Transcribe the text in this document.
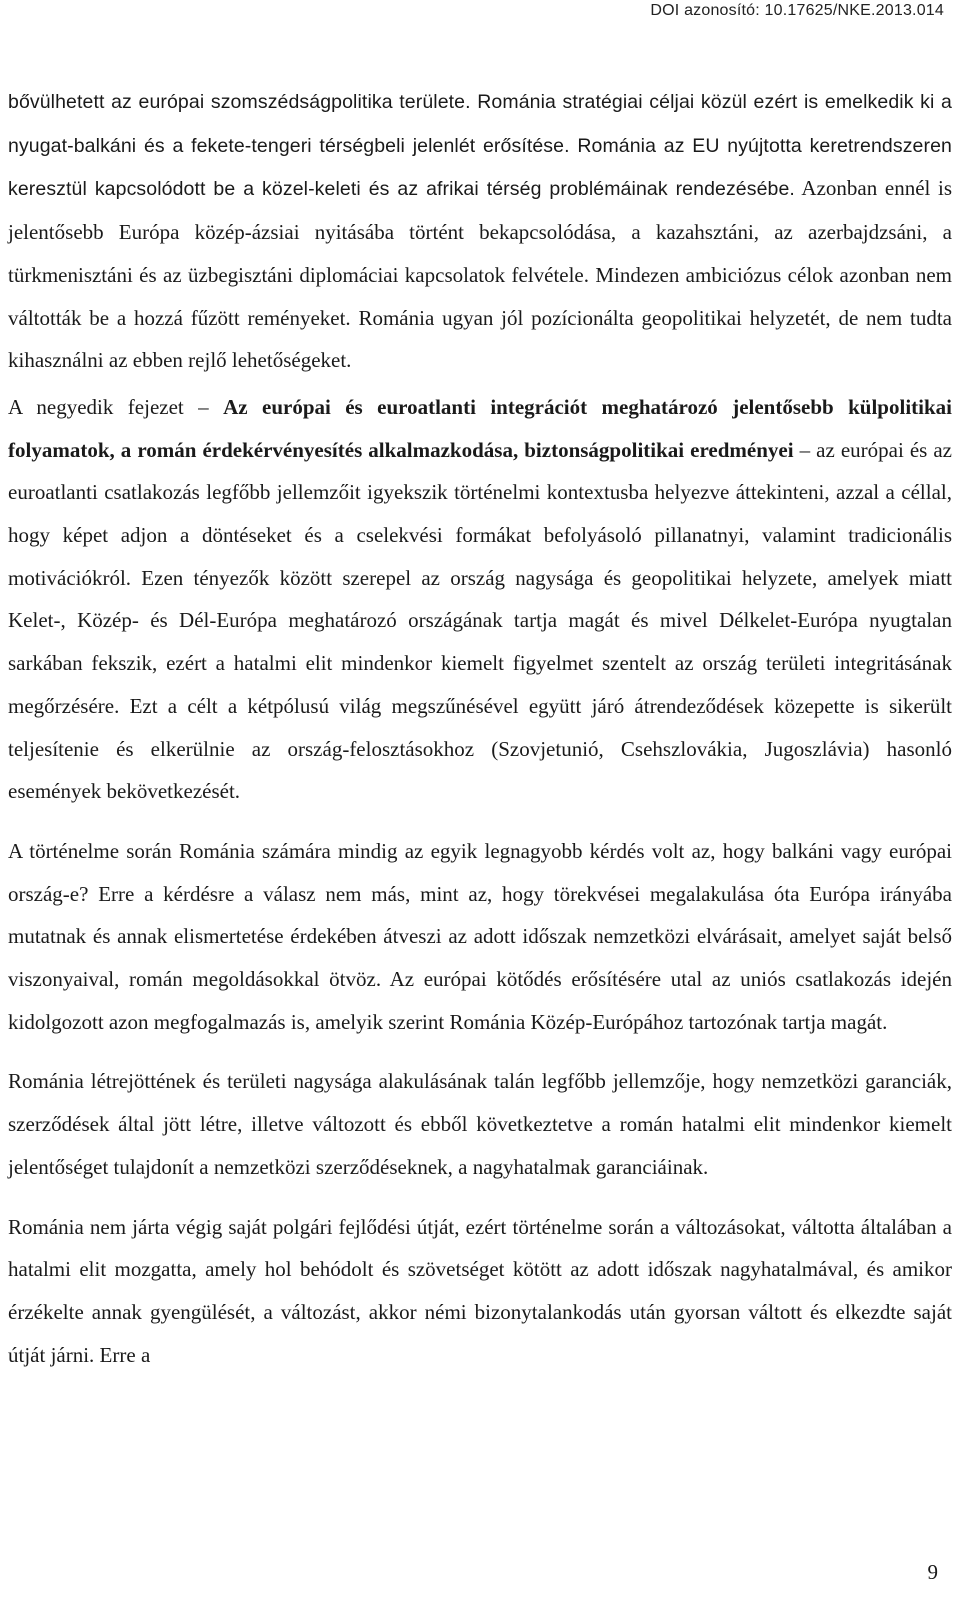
DOI azonosító: 10.17625/NKE.2013.014

bővülhetett az európai szomszédságpolitika területe. Románia stratégiai céljai közül ezért is emelkedik ki a nyugat-balkáni és a fekete-tengeri térségbeli jelenlét erősítése. Románia az EU nyújtotta keretrendszeren keresztül kapcsolódott be a közel-keleti és az afrikai térség problémáinak rendezésébe. Azonban ennél is jelentősebb Európa közép-ázsiai nyitásába történt bekapcsolódása, a kazahsztáni, az azerbajdzsáni, a türkmenisztáni és az üzbegisztáni diplomáciai kapcsolatok felvétele. Mindezen ambiciózus célok azonban nem váltották be a hozzá fűzött reményeket. Románia ugyan jól pozícionálta geopolitikai helyzetét, de nem tudta kihasználni az ebben rejlő lehetőségeket.

A negyedik fejezet – Az európai és euroatlanti integrációt meghatározó jelentősebb külpolitikai folyamatok, a román érdekérvényesítés alkalmazkodása, biztonságpolitikai eredményei – az európai és az euroatlanti csatlakozás legfőbb jellemzőit igyekszik történelmi kontextusba helyezve áttekinteni, azzal a céllal, hogy képet adjon a döntéseket és a cselekvési formákat befolyásoló pillanatnyi, valamint tradicionális motivációkról. Ezen tényezők között szerepel az ország nagysága és geopolitikai helyzete, amelyek miatt Kelet-, Közép- és Dél-Európa meghatározó országának tartja magát és mivel Délkelet-Európa nyugtalan sarkában fekszik, ezért a hatalmi elit mindenkor kiemelt figyelmet szentelt az ország területi integritásának megőrzésére. Ezt a célt a kétpólusú világ megszűnésével együtt járó átrendeződések közepette is sikerült teljesítenie és elkerülnie az ország-felosztásokhoz (Szovjetunió, Csehszlovákia, Jugoszlávia) hasonló események bekövetkezését.

A történelme során Románia számára mindig az egyik legnagyobb kérdés volt az, hogy balkáni vagy európai ország-e? Erre a kérdésre a válasz nem más, mint az, hogy törekvései megalakulása óta Európa irányába mutatnak és annak elismertetése érdekében átveszi az adott időszak nemzetközi elvárásait, amelyet saját belső viszonyaival, román megoldásokkal ötvöz. Az európai kötődés erősítésére utal az uniós csatlakozás idején kidolgozott azon megfogalmazás is, amelyik szerint Románia Közép-Európához tartozónak tartja magát.

Románia létrejöttének és területi nagysága alakulásának talán legfőbb jellemzője, hogy nemzetközi garanciák, szerződések által jött létre, illetve változott és ebből következtetve a román hatalmi elit mindenkor kiemelt jelentőséget tulajdonít a nemzetközi szerződéseknek, a nagyhatalmak garanciáinak.

Románia nem járta végig saját polgári fejlődési útját, ezért történelme során a változásokat, váltotta általában a hatalmi elit mozgatta, amely hol behódolt és szövetséget kötött az adott időszak nagyhatalmával, és amikor érzékelte annak gyengülését, a változást, akkor némi bizonytalankodás után gyorsan váltott és elkezdte saját útját járni. Erre a

9
